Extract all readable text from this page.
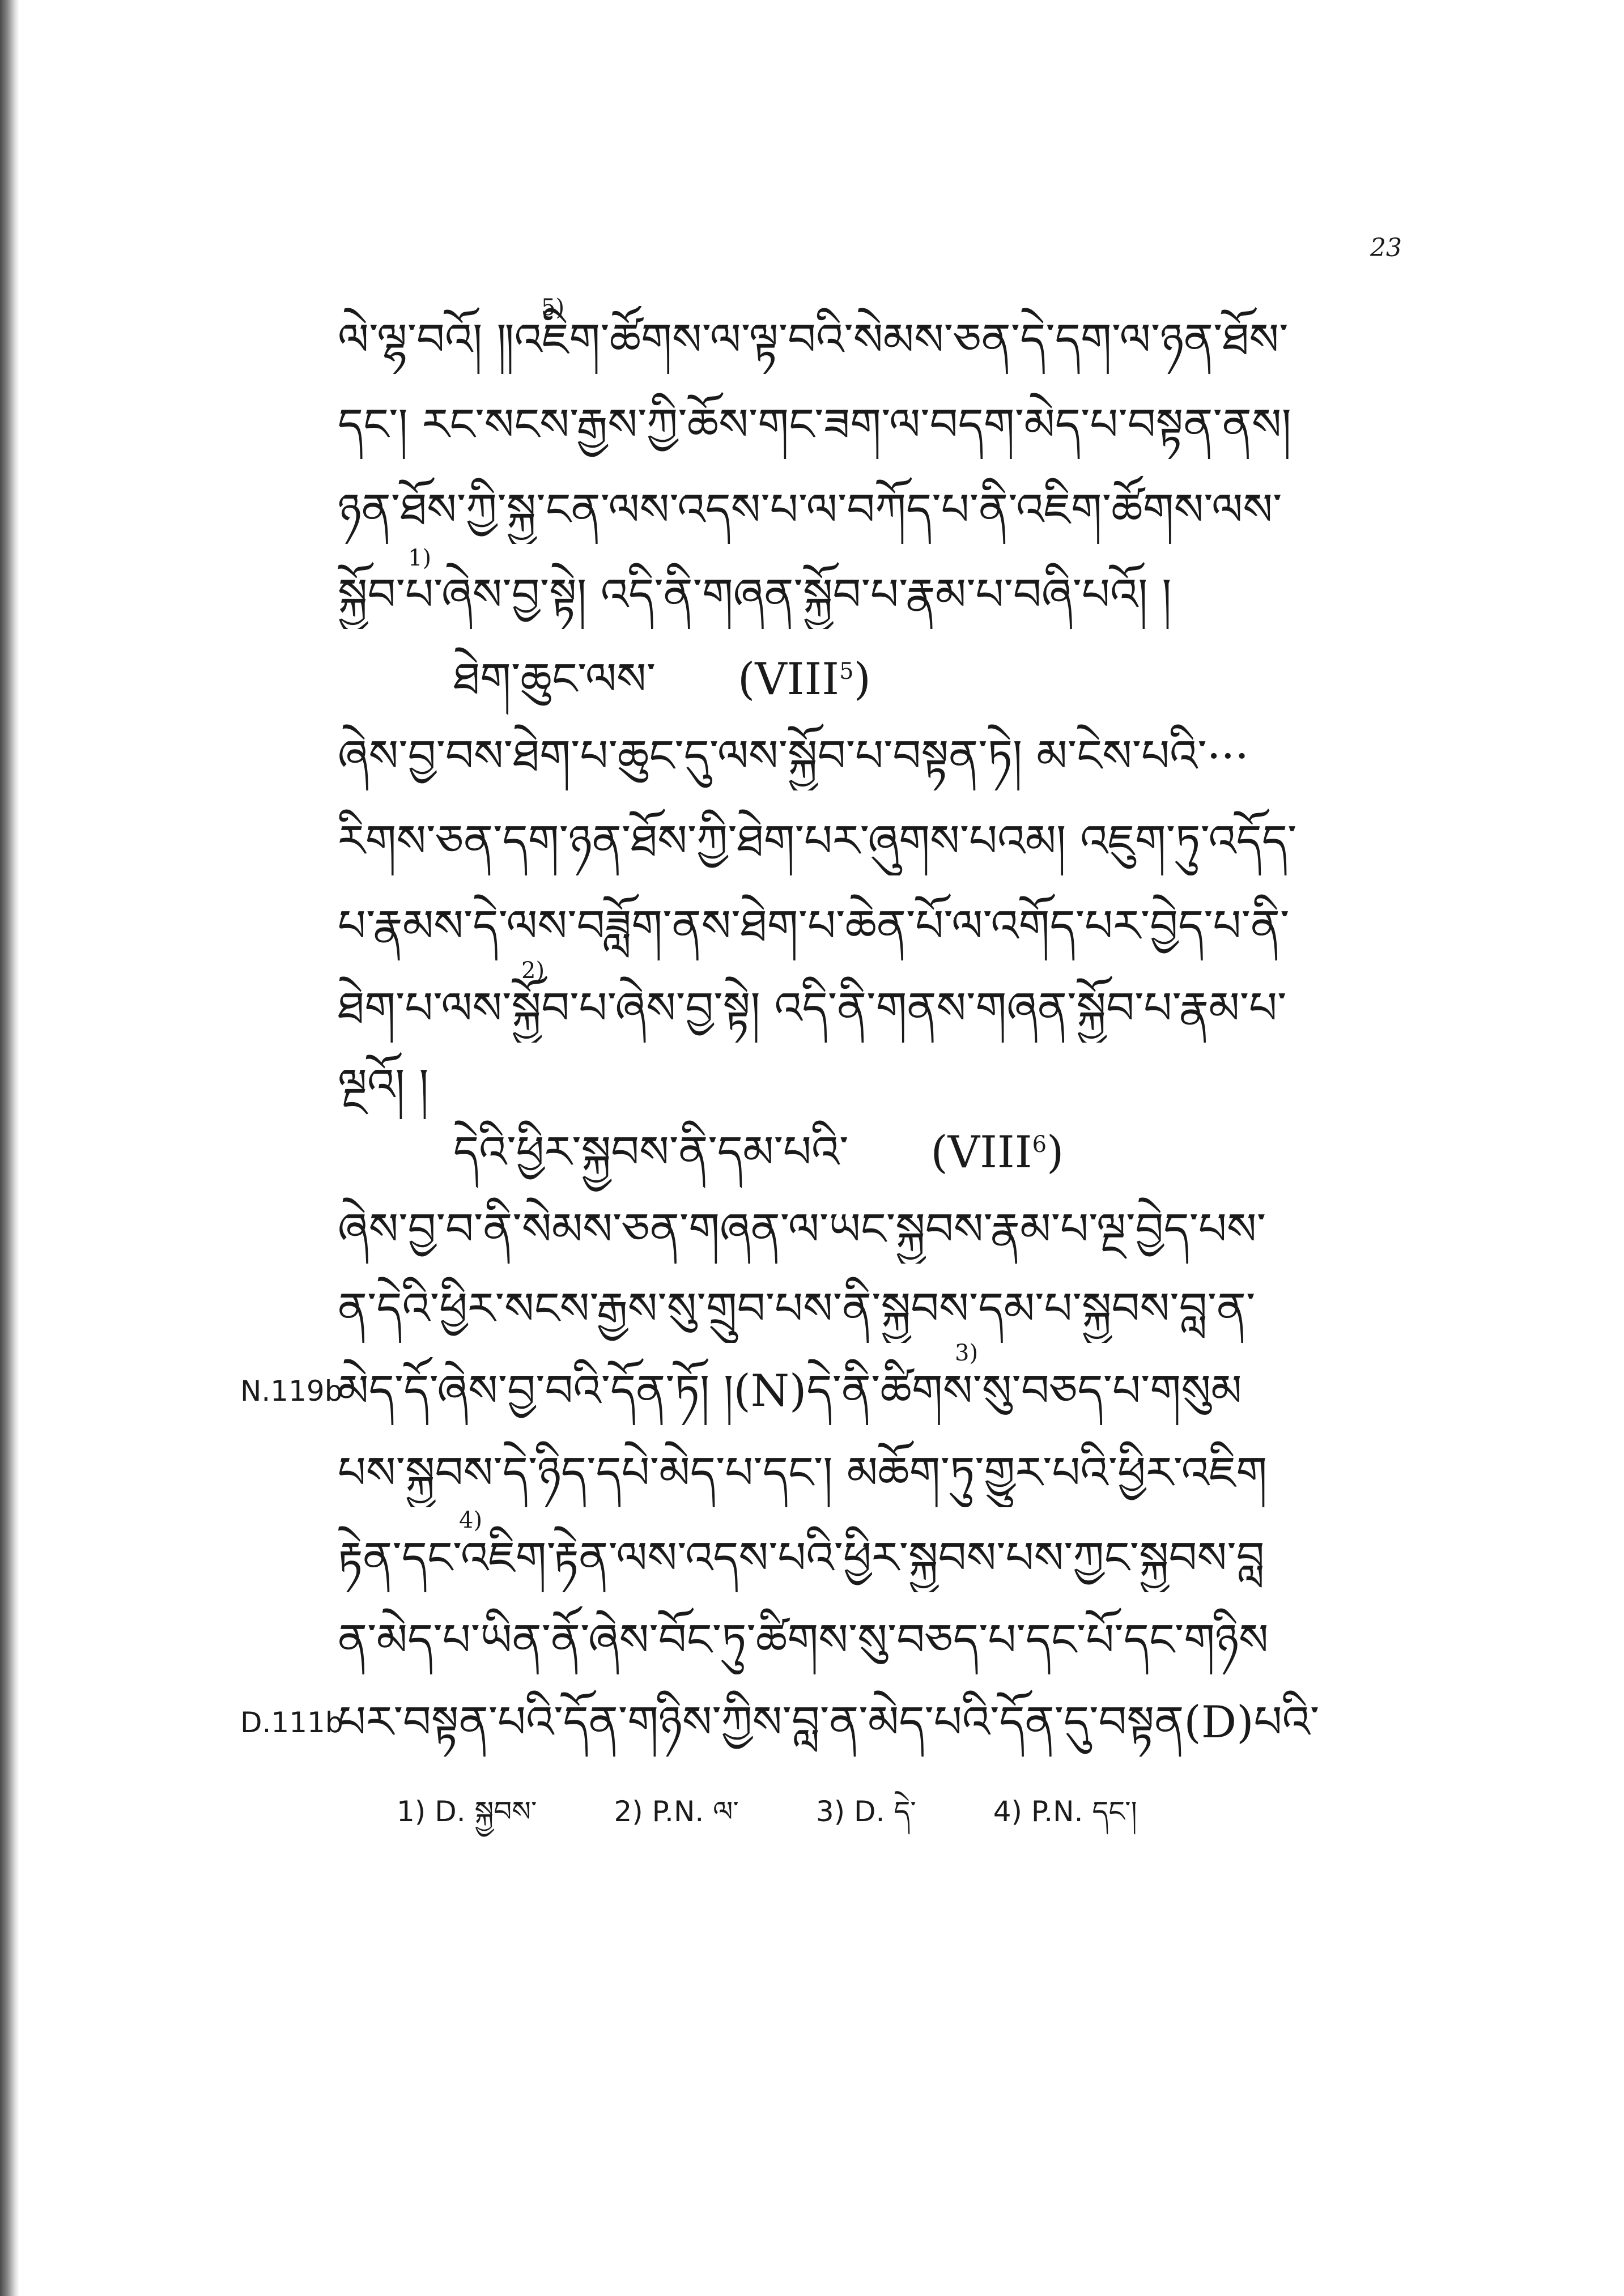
23
ལེ་ལྷ་བའོ། ༎འཇིག་ཚོགས་ལ་ལྟ་བའི་སེམས་ཅན་དེ་དག་ལ་ཉན་ཐོས་
5)
དང་། རང་སངས་རྒྱས་ཀྱི་ཆོས་གང་ཟག་ལ་བདག་མེད་པ་བསྟན་ནས།
ཉན་ཐོས་ཀྱི་སྐྱ་ངན་ལས་འདས་པ་ལ་བཀོད་པ་ནི་འཇིག་ཚོགས་ལས་
སྐྱོབ་པ་ཞེས་བྱ་སྟེ། འདི་ནི་གཞན་སྐྱོབ་པ་རྣམ་པ་བཞི་པའོ། །
1)
ཐེག་ཆུང་ལས་ (VIII$^5$)
ཞེས་བྱ་བས་ཐེག་པ་ཆུང་དུ་ལས་སྐྱོབ་པ་བསྟན་ཏེ། མ་ངེས་པའི་···
རིགས་ཅན་དག་ཉན་ཐོས་ཀྱི་ཐེག་པར་ཞུགས་པའམ། འཇུག་ཏུ་འདོད་
པ་རྣམས་དེ་ལས་བཟློག་ནས་ཐེག་པ་ཆེན་པོ་ལ་འགོད་པར་བྱེད་པ་ནི་
ཐེག་པ་ལས་སྐྱོབ་པ་ཞེས་བྱ་སྟེ། འདི་ནི་གནས་གཞན་སྐྱོབ་པ་རྣམ་པ་
2)
ལྔའོ། །
དེའི་ཕྱིར་སྐྱབས་ནི་དམ་པའི་ (VIII$^6$)
ཞེས་བྱ་བ་ནི་སེམས་ཅན་གཞན་ལ་ཡང་སྐྱབས་རྣམ་པ་ལྔ་བྱེད་པས་
ན་དེའི་ཕྱིར་སངས་རྒྱས་སུ་གྲུབ་པས་ནི་སྐྱབས་དམ་པ་སྐྱབས་བླ་ན་
N.119b
མེད་དོ་ཞེས་བྱ་བའི་དོན་ཏོ། །(N)དེ་ནི་ཚིགས་སུ་བཅད་པ་གསུམ
3)
པས་སྐྱབས་དེ་ཉིད་དཔེ་མེད་པ་དང་། མཆོག་ཏུ་གྱུར་པའི་ཕྱིར་འཇིག
རྟེན་དང་འཇིག་རྟེན་ལས་འདས་པའི་ཕྱིར་སྐྱབས་པས་ཀྱང་སྐྱབས་བླ
4)
ན་མེད་པ་ཡིན་ནོ་ཞེས་བོང་ཏུ་ཚིགས་སུ་བཅད་པ་དང་པོ་དང་གཉིས
D.111b
པར་བསྟན་པའི་དོན་གཉིས་ཀྱིས་བླ་ན་མེད་པའི་དོན་དུ་བསྟན(D)པའི་
1) D. སྐྱབས་	2) P.N. ལ་	3) D. དེ་	4) P.N. དང་།
